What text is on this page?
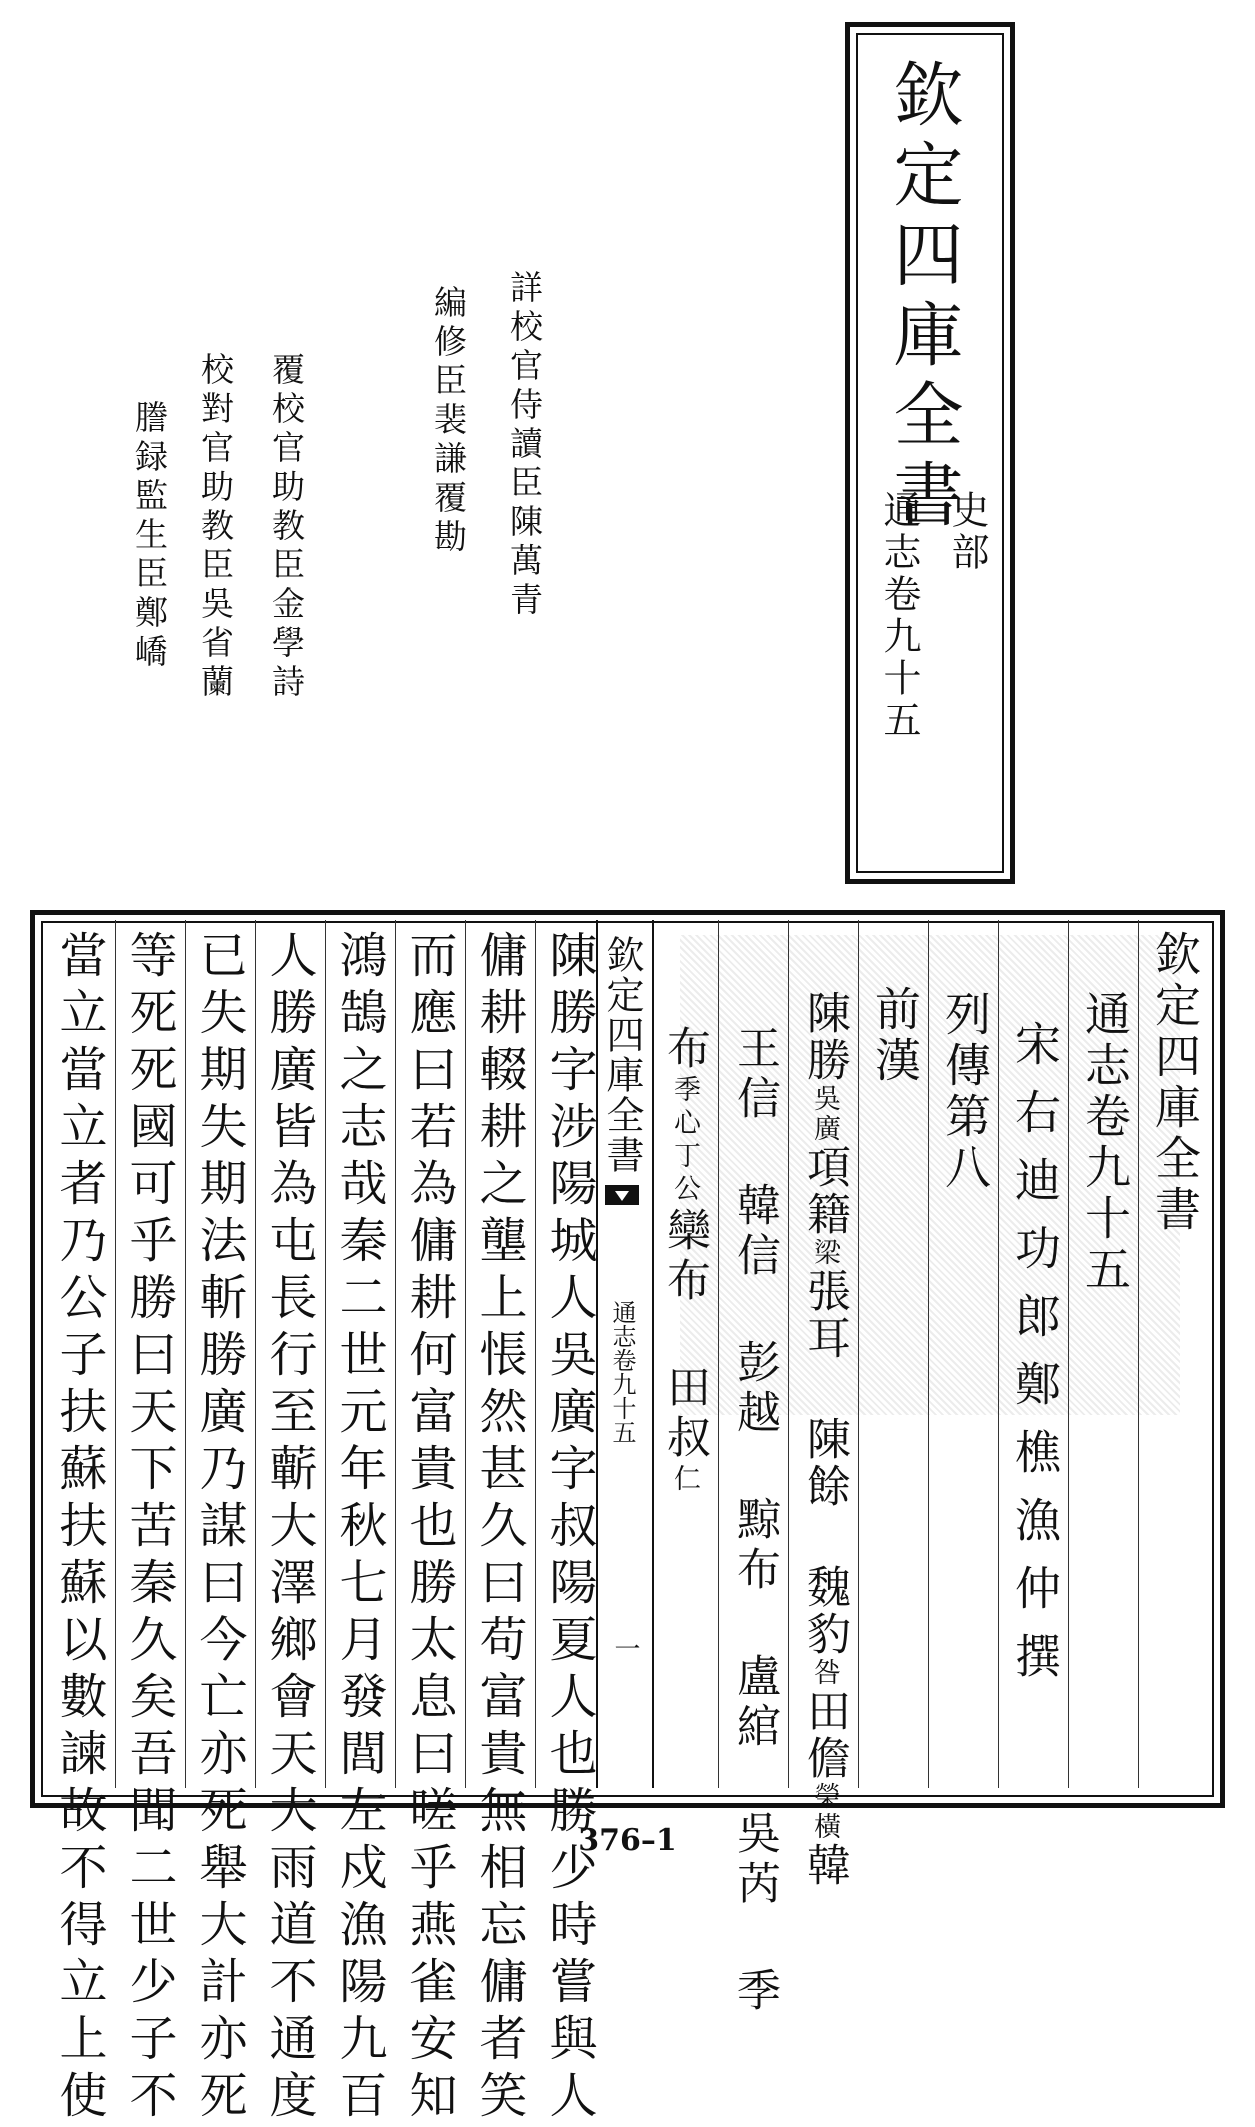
欽定四庫全書
史部
通志卷九十五
詳校官侍讀臣陳萬青
編修臣裴謙覆勘
覆校官助教臣金學詩
校對官助教臣吳省蘭
謄録監生臣鄭嶠
欽定四庫全書
通志卷九十五
宋右迪功郎鄭樵漁仲撰
列傳第八
前漢
陳勝吳廣項籍梁張耳 陳餘 魏豹咎田儋榮橫韓
王信 韓信 彭越 黥布 盧綰 吳芮 季
布季心丁公欒布 田叔仁
欽定四庫全書
通志卷九十五
一
陳勝字涉陽城人吳廣字叔陽夏人也勝少時嘗與人
傭耕輟耕之壟上悵然甚久曰苟富貴無相忘傭者笑
而應曰若為傭耕何富貴也勝太息曰嗟乎燕雀安知
鴻鵠之志哉秦二世元年秋七月發閭左戍漁陽九百
人勝廣皆為屯長行至蘄大澤鄉會天大雨道不通度
已失期失期法斬勝廣乃謀曰今亡亦死舉大計亦死
等死死國可乎勝曰天下苦秦久矣吾聞二世少子不
當立當立者乃公子扶蘇扶蘇以數諫故不得立上使	376–1
